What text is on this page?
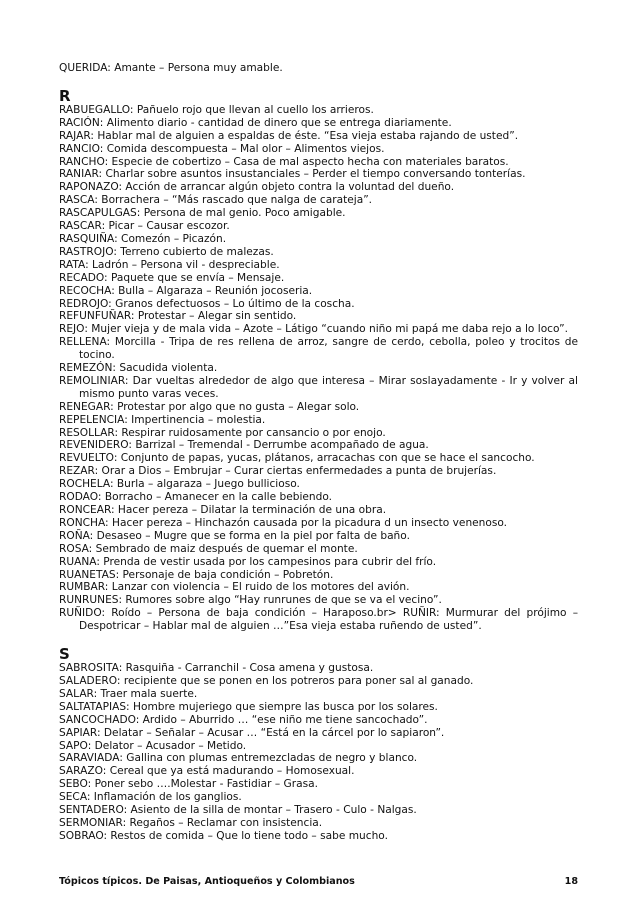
QUERIDA: Amante – Persona muy amable.

R

RABUEGALLO: Pañuelo rojo que llevan al cuello los arrieros.

RACIÓN: Alimento diario - cantidad de dinero que se entrega diariamente.

RAJAR: Hablar mal de alguien a espaldas de éste. “Esa vieja estaba rajando de usted”.

RANCIO: Comida descompuesta – Mal olor – Alimentos viejos.

RANCHO: Especie de cobertizo – Casa de mal aspecto hecha con materiales baratos.

RANIAR: Charlar sobre asuntos insustanciales – Perder el tiempo conversando tonterías.

RAPONAZO: Acción de arrancar algún objeto contra la voluntad del dueño.

RASCA: Borrachera – “Más rascado que nalga de carateja”.

RASCAPULGAS: Persona de mal genio. Poco amigable.

RASCAR: Picar – Causar escozor.

RASQUIÑA: Comezón – Picazón.

RASTROJO: Terreno cubierto de malezas.

RATA: Ladrón – Persona vil - despreciable.

RECADO: Paquete que se envía – Mensaje.

RECOCHA: Bulla – Algaraza – Reunión jocoseria.

REDROJO: Granos defectuosos – Lo último de la coscha.

REFUNFUÑAR: Protestar – Alegar sin sentido.

REJO: Mujer vieja y de mala vida – Azote – Látigo “cuando niño mi papá me daba rejo a lo loco”.

RELLENA: Morcilla - Tripa de res rellena de arroz, sangre de cerdo, cebolla, poleo y trocitos de tocino.

REMEZÓN: Sacudida violenta.

REMOLINIAR: Dar vueltas alrededor de algo que interesa – Mirar soslayadamente - Ir y volver al mismo punto varas veces.

RENEGAR: Protestar por algo que no gusta – Alegar solo.

REPELENCIA: Impertinencia – molestia.

RESOLLAR: Respirar ruidosamente por cansancio o por enojo.

REVENIDERO: Barrizal – Tremendal - Derrumbe acompañado de agua.

REVUELTO: Conjunto de papas, yucas, plátanos, arracachas con que se hace el sancocho.

REZAR: Orar a Dios – Embrujar – Curar ciertas enfermedades a punta de brujerías.

ROCHELA: Burla – algaraza – Juego bullicioso.

RODAO: Borracho – Amanecer en la calle bebiendo.

RONCEAR: Hacer pereza – Dilatar la terminación de una obra.

RONCHA: Hacer pereza – Hinchazón causada por la picadura d un insecto venenoso.

ROÑA: Desaseo – Mugre que se forma en la piel por falta de baño.

ROSA: Sembrado de maiz después de quemar el monte.

RUANA: Prenda de vestir usada por los campesinos para cubrir del frío.

RUANETAS: Personaje de baja condición – Pobretón.

RUMBAR: Lanzar con violencia – El ruido de los motores del avión.

RUNRUNES: Rumores sobre algo “Hay runrunes de que se va el vecino”.

RUÑIDO: Roído – Persona de baja condición – Haraposo.br> RUÑIR: Murmurar del prójimo – Despotricar – Hablar mal de alguien …”Esa vieja estaba ruñendo de usted”.

S

SABROSITA: Rasquiña - Carranchil - Cosa amena y gustosa.

SALADERO: recipiente que se ponen en los potreros para poner sal al ganado.

SALAR: Traer mala suerte.

SALTATAPIAS: Hombre mujeriego que siempre las busca por los solares.

SANCOCHADO: Ardido – Aburrido … “ese niño me tiene sancochado”.

SAPIAR: Delatar – Señalar – Acusar … “Está en la cárcel por lo sapiaron”.

SAPO: Delator – Acusador – Metido.

SARAVIADA: Gallina con plumas entremezcladas de negro y blanco.

SARAZO: Cereal que ya está madurando – Homosexual.

SEBO: Poner sebo ….Molestar - Fastidiar – Grasa.

SECA: Inflamación de los ganglios.

SENTADERO: Asiento de la silla de montar – Trasero - Culo - Nalgas.

SERMONIAR: Regaños – Reclamar con insistencia.

SOBRAO: Restos de comida – Que lo tiene todo – sabe mucho.

Tópicos típicos. De Paisas, Antioqueños y Colombianos	18
